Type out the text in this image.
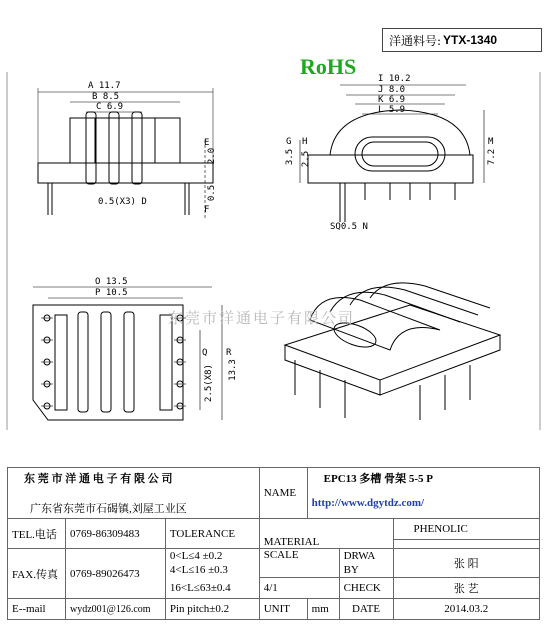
洋通料号: YTX-1340
RoHS
A 11.7
B 8.5
C 6.9
E
2.0
0.5(X3) D
F
0.5
I 10.2
J 8.0
K 6.9
L 5.9
G
3.5
H
2.5
M
7.2
SQ0.5 N
O 13.5
P 10.5
Q
2.5(X8)
R
13.3
东莞市洋通电子有限公司
东 莞 市 洋 通 电 子 有 限 公 司
广东省东莞市石碣镇,刘屋工业区			NAME	EPC13 多槽 骨架 5-5 P		
				http://www.dgytdz.com/		
TEL.电话	0769-86309483	TOLERANCE	MATERIAL			PHENOLIC

FAX.传真	0769-89026473	0<L≤4 ±0.2	SCALE		DRWA BY	张 阳
		4<L≤16 ±0.3				
		16<L≤63±0.4	4/1		CHECK	张 艺
E--mail	wydz001@126.com	Pin pitch±0.2	UNIT	mm	DATE	2014.03.2
